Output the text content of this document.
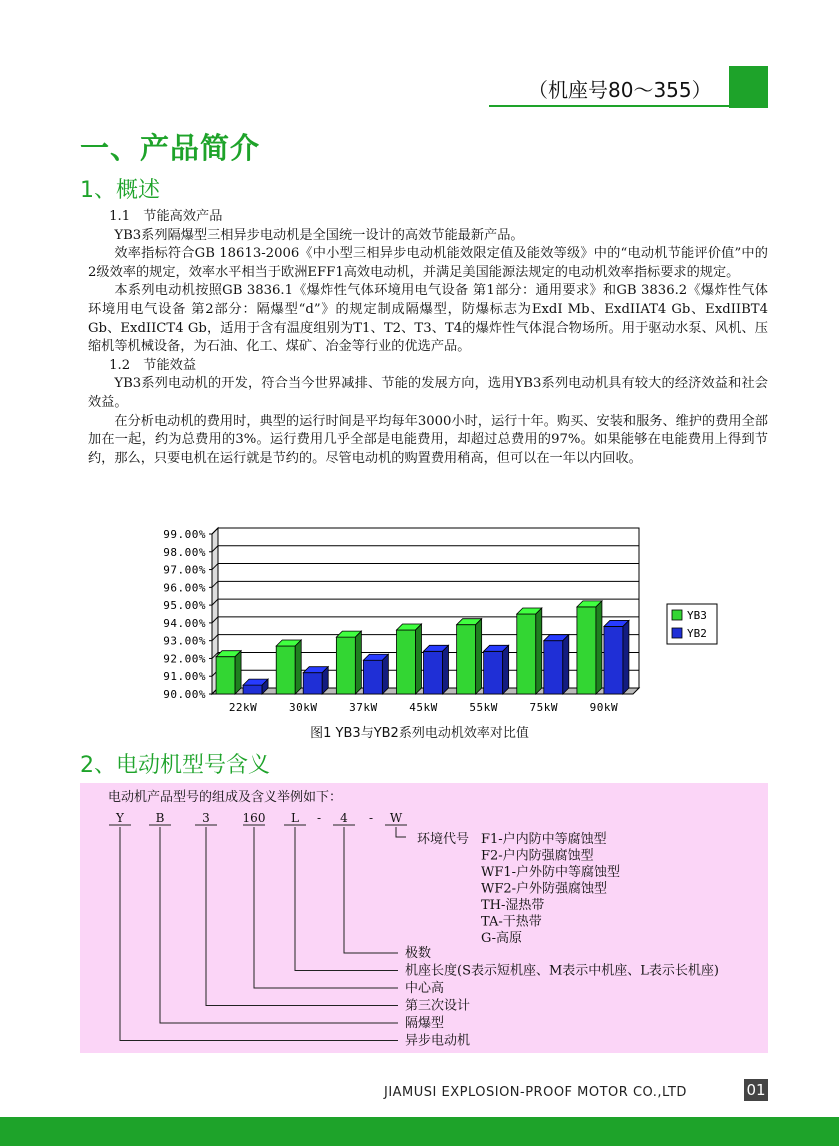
（机座号80～355）
一、产品简介
1、概述

1.1　节能高效产品

YB3系列隔爆型三相异步电动机是全国统一设计的高效节能最新产品。

效率指标符合GB 18613-2006《中小型三相异步电动机能效限定值及能效等级》中的“电动机节能评价值”中的2级效率的规定，效率水平相当于欧洲EFF1高效电动机，并满足美国能源法规定的电动机效率指标要求的规定。

本系列电动机按照GB 3836.1《爆炸性气体环境用电气设备 第1部分：通用要求》和GB 3836.2《爆炸性气体环境用电气设备 第2部分：隔爆型“d”》的规定制成隔爆型，防爆标志为ExdI Mb、ExdIIAT4 Gb、ExdIIBT4 Gb、ExdIICT4 Gb，适用于含有温度组别为T1、T2、T3、T4的爆炸性气体混合物场所。用于驱动水泵、风机、压缩机等机械设备，为石油、化工、煤矿、冶金等行业的优选产品。

1.2　节能效益

YB3系列电动机的开发，符合当今世界减排、节能的发展方向，选用YB3系列电动机具有较大的经济效益和社会效益。

在分析电动机的费用时，典型的运行时间是平均每年3000小时，运行十年。购买、安装和服务、维护的费用全部加在一起，约为总费用的3%。运行费用几乎全部是电能费用，却超过总费用的97%。如果能够在电能费用上得到节约，那么，只要电机在运行就是节约的。尽管电动机的购置费用稍高，但可以在一年以内回收。

90.00%
91.00%
92.00%
93.00%
94.00%
95.00%
96.00%
97.00%
98.00%
99.00%
22kW	30kW	37kW	45kW	55kW	75kW	90kW
YB3
YB2
图1 YB3与YB2系列电动机效率对比值
2、电动机型号含义
电动机产品型号的组成及含义举例如下：
Y	B	3	160 L - 4 - W
环境代号 F1-户内防中等腐蚀型
F2-户内防强腐蚀型
WF1-户外防中等腐蚀型
WF2-户外防强腐蚀型
TH-湿热带
TA-干热带
G-高原
极数
机座长度(S表示短机座、M表示中机座、L表示长机座)
中心高
第三次设计
隔爆型
异步电动机
JIAMUSI EXPLOSION-PROOF MOTOR CO.,LTD	01
